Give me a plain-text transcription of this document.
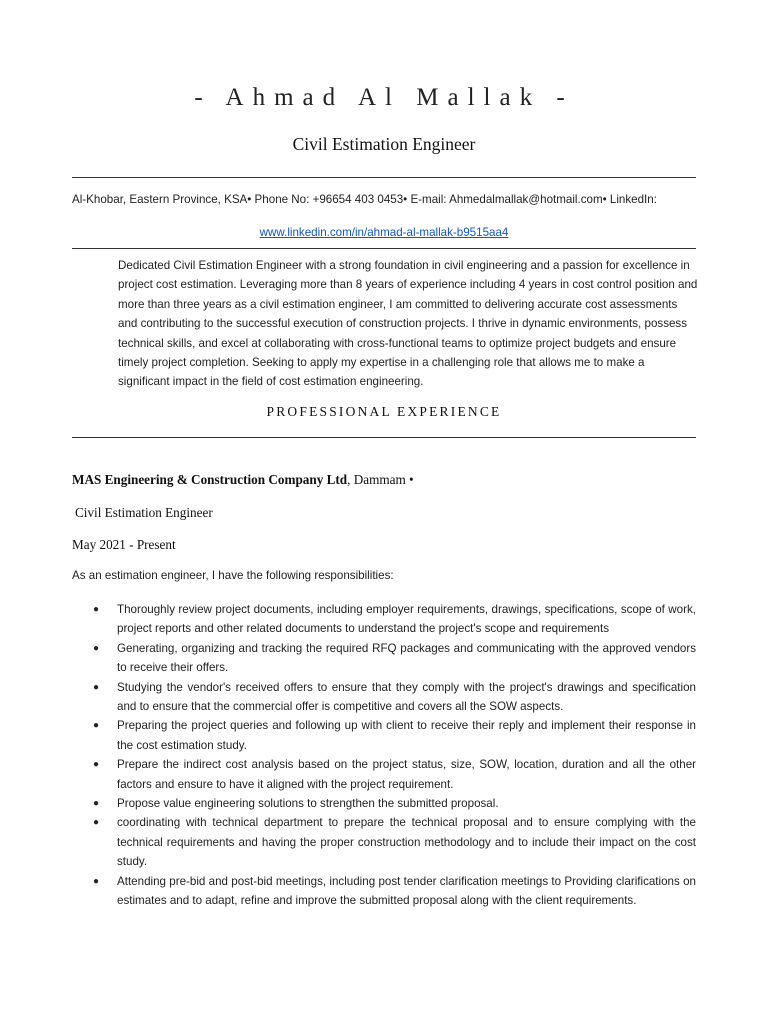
- Ahmad Al Mallak -
Civil Estimation Engineer
Al-Khobar, Eastern Province, KSA• Phone No: +96654 403 0453• E-mail: Ahmedalmallak@hotmail.com• LinkedIn:
www.linkedin.com/in/ahmad-al-mallak-b9515aa4
Dedicated Civil Estimation Engineer with a strong foundation in civil engineering and a passion for excellence in project cost estimation. Leveraging more than 8 years of experience including 4 years in cost control position and more than three years as a civil estimation engineer, I am committed to delivering accurate cost assessments and contributing to the successful execution of construction projects. I thrive in dynamic environments, possess technical skills, and excel at collaborating with cross-functional teams to optimize project budgets and ensure timely project completion. Seeking to apply my expertise in a challenging role that allows me to make a significant impact in the field of cost estimation engineering.
PROFESSIONAL EXPERIENCE
MAS Engineering & Construction Company Ltd, Dammam •
Civil Estimation Engineer
May 2021 - Present
As an estimation engineer, I have the following responsibilities:
● Thoroughly review project documents, including employer requirements, drawings, specifications, scope of work, project reports and other related documents to understand the project's scope and requirements
● Generating, organizing and tracking the required RFQ packages and communicating with the approved vendors to receive their offers.
● Studying the vendor's received offers to ensure that they comply with the project's drawings and specification and to ensure that the commercial offer is competitive and covers all the SOW aspects.
● Preparing the project queries and following up with client to receive their reply and implement their response in the cost estimation study.
● Prepare the indirect cost analysis based on the project status, size, SOW, location, duration and all the other factors and ensure to have it aligned with the project requirement.
● Propose value engineering solutions to strengthen the submitted proposal.
● coordinating with technical department to prepare the technical proposal and to ensure complying with the technical requirements and having the proper construction methodology and to include their impact on the cost study.
● Attending pre-bid and post-bid meetings, including post tender clarification meetings to Providing clarifications on estimates and to adapt, refine and improve the submitted proposal along with the client requirements.
